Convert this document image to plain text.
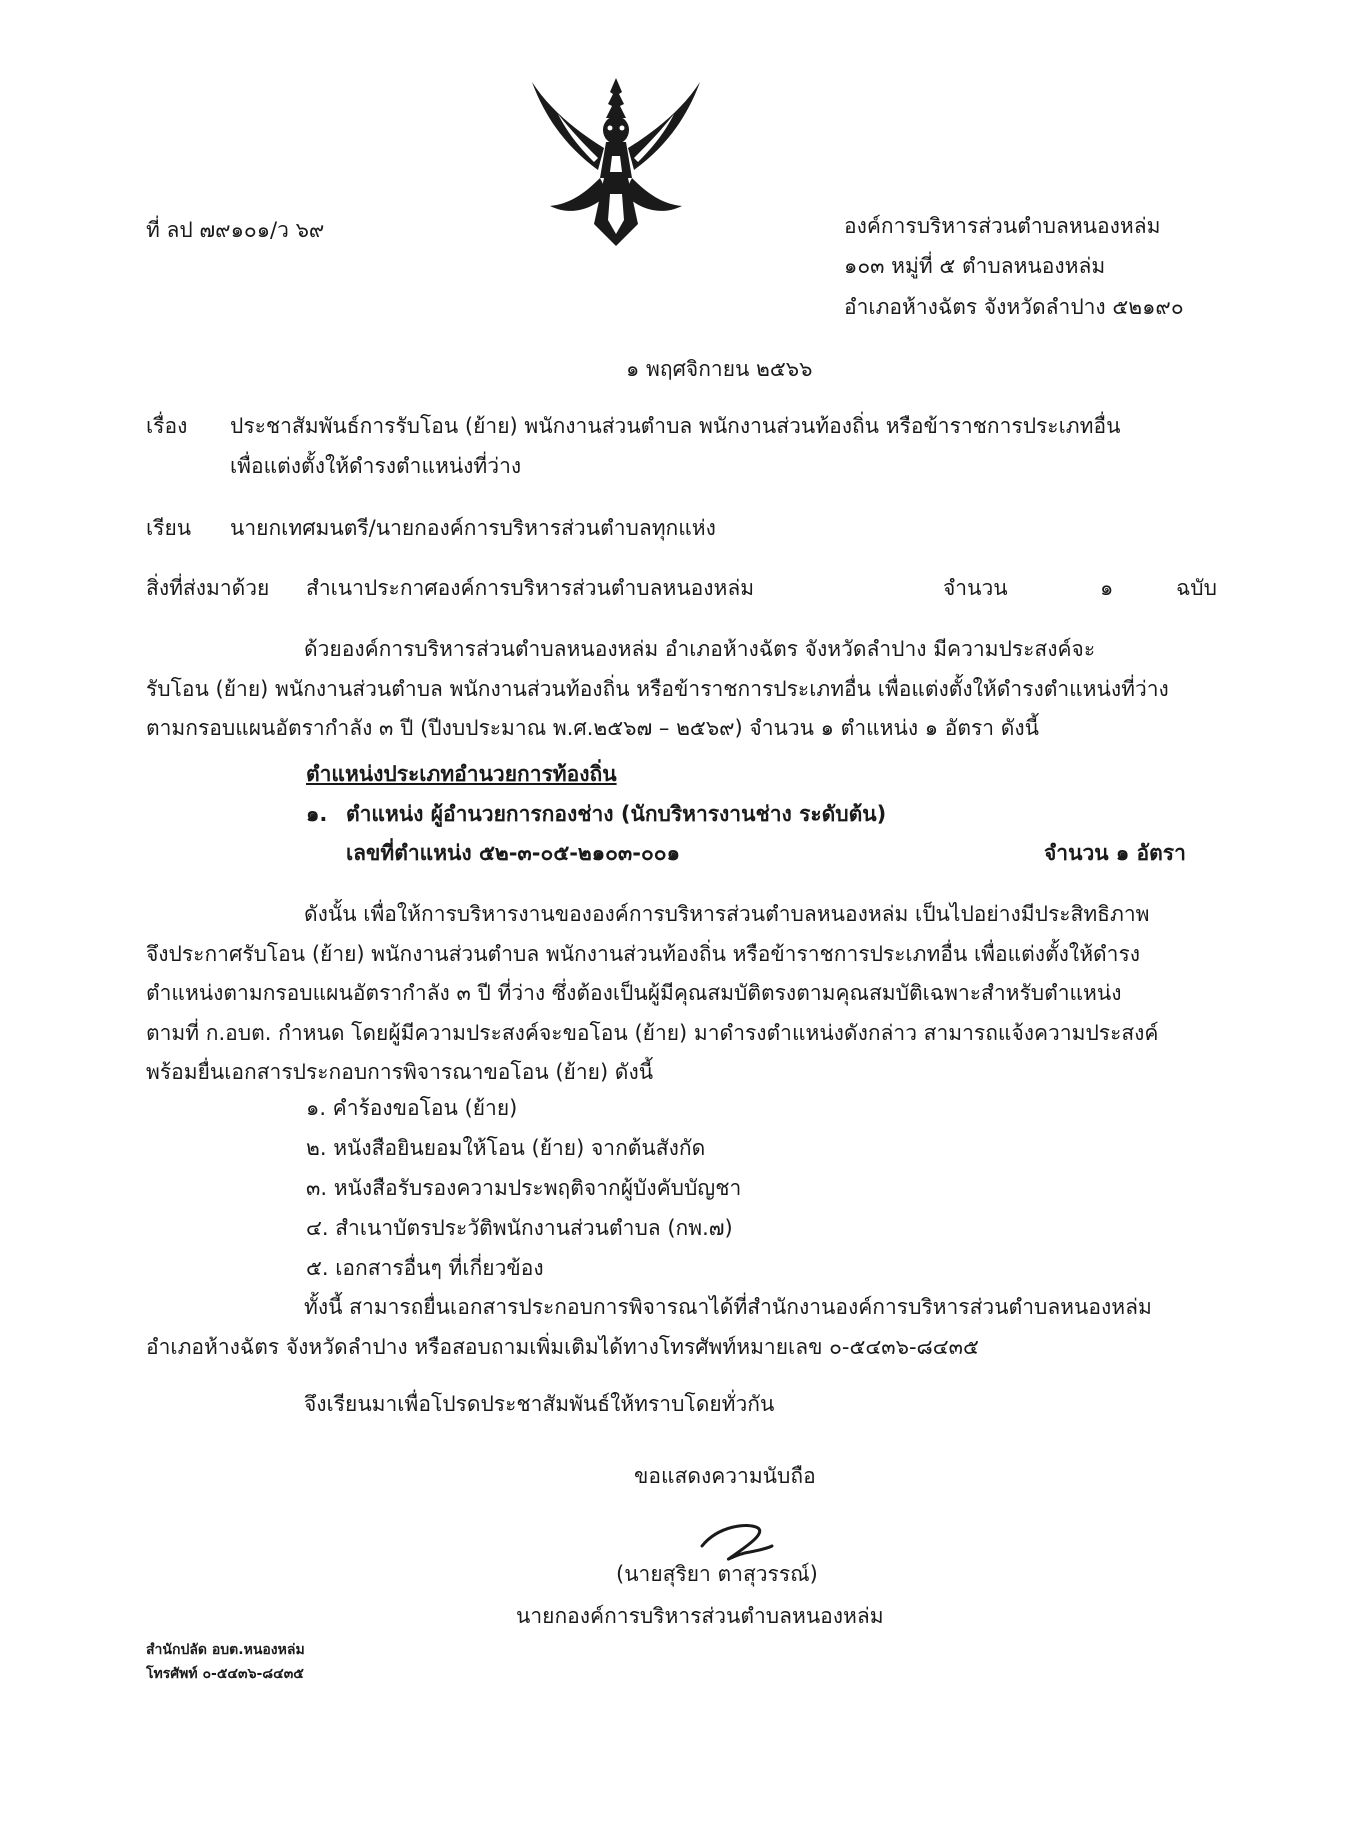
ที่ ลป ๗๙๑๐๑/ว ๖๙	องค์การบริหารส่วนตำบลหนองหล่ม
๑๐๓ หมู่ที่ ๕ ตำบลหนองหล่ม
อำเภอห้างฉัตร จังหวัดลำปาง ๕๒๑๙๐
๑ พฤศจิกายน ๒๕๖๖
เรื่อง ประชาสัมพันธ์การรับโอน (ย้าย) พนักงานส่วนตำบล พนักงานส่วนท้องถิ่น หรือข้าราชการประเภทอื่น
เพื่อแต่งตั้งให้ดำรงตำแหน่งที่ว่าง
เรียน นายกเทศมนตรี/นายกองค์การบริหารส่วนตำบลทุกแห่ง
สิ่งที่ส่งมาด้วย สำเนาประกาศองค์การบริหารส่วนตำบลหนองหล่ม	จำนวน	๑	ฉบับ
ด้วยองค์การบริหารส่วนตำบลหนองหล่ม อำเภอห้างฉัตร จังหวัดลำปาง มีความประสงค์จะ
รับโอน (ย้าย) พนักงานส่วนตำบล พนักงานส่วนท้องถิ่น หรือข้าราชการประเภทอื่น เพื่อแต่งตั้งให้ดำรงตำแหน่งที่ว่าง
ตามกรอบแผนอัตรากำลัง ๓ ปี (ปีงบประมาณ พ.ศ.๒๕๖๗ – ๒๕๖๙) จำนวน ๑ ตำแหน่ง ๑ อัตรา ดังนี้
ตำแหน่งประเภทอำนวยการท้องถิ่น
๑. ตำแหน่ง ผู้อำนวยการกองช่าง (นักบริหารงานช่าง ระดับต้น)
เลขที่ตำแหน่ง ๕๒-๓-๐๕-๒๑๐๓-๐๐๑	จำนวน ๑ อัตรา
ดังนั้น เพื่อให้การบริหารงานขององค์การบริหารส่วนตำบลหนองหล่ม เป็นไปอย่างมีประสิทธิภาพ
จึงประกาศรับโอน (ย้าย) พนักงานส่วนตำบล พนักงานส่วนท้องถิ่น หรือข้าราชการประเภทอื่น เพื่อแต่งตั้งให้ดำรง
ตำแหน่งตามกรอบแผนอัตรากำลัง ๓ ปี ที่ว่าง ซึ่งต้องเป็นผู้มีคุณสมบัติตรงตามคุณสมบัติเฉพาะสำหรับตำแหน่ง
ตามที่ ก.อบต. กำหนด โดยผู้มีความประสงค์จะขอโอน (ย้าย) มาดำรงตำแหน่งดังกล่าว สามารถแจ้งความประสงค์
พร้อมยื่นเอกสารประกอบการพิจารณาขอโอน (ย้าย) ดังนี้
๑. คำร้องขอโอน (ย้าย)
๒. หนังสือยินยอมให้โอน (ย้าย) จากต้นสังกัด
๓. หนังสือรับรองความประพฤติจากผู้บังคับบัญชา
๔. สำเนาบัตรประวัติพนักงานส่วนตำบล (กพ.๗)
๕. เอกสารอื่นๆ ที่เกี่ยวข้อง
ทั้งนี้ สามารถยื่นเอกสารประกอบการพิจารณาได้ที่สำนักงานองค์การบริหารส่วนตำบลหนองหล่ม
อำเภอห้างฉัตร จังหวัดลำปาง หรือสอบถามเพิ่มเติมได้ทางโทรศัพท์หมายเลข ๐-๕๔๓๖-๘๔๓๕
จึงเรียนมาเพื่อโปรดประชาสัมพันธ์ให้ทราบโดยทั่วกัน
ขอแสดงความนับถือ
(นายสุริยา ตาสุวรรณ์)
นายกองค์การบริหารส่วนตำบลหนองหล่ม
สำนักปลัด อบต.หนองหล่ม
โทรศัพท์ ๐-๕๔๓๖-๘๔๓๕
